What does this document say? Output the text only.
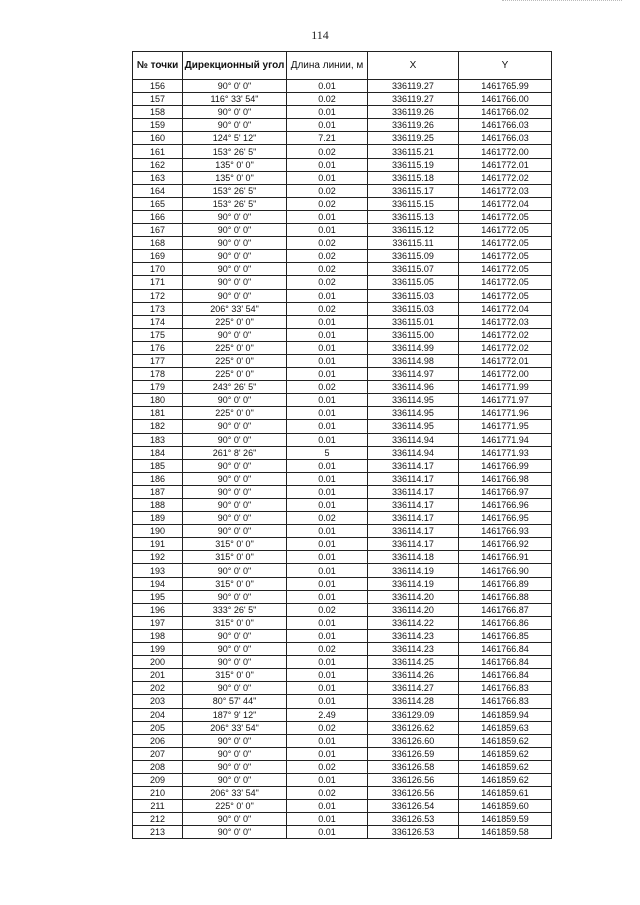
114
№ точки	Дирекционный угол	Длина линии, м	X	Y
156	90° 0' 0"	0.01	336119.27	1461765.99
157	116° 33' 54"	0.02	336119.27	1461766.00
158	90° 0' 0"	0.01	336119.26	1461766.02
159	90° 0' 0"	0.01	336119.26	1461766.03
160	124° 5' 12"	7.21	336119.25	1461766.03
161	153° 26' 5"	0.02	336115.21	1461772.00
162	135° 0' 0"	0.01	336115.19	1461772.01
163	135° 0' 0"	0.01	336115.18	1461772.02
164	153° 26' 5"	0.02	336115.17	1461772.03
165	153° 26' 5"	0.02	336115.15	1461772.04
166	90° 0' 0"	0.01	336115.13	1461772.05
167	90° 0' 0"	0.01	336115.12	1461772.05
168	90° 0' 0"	0.02	336115.11	1461772.05
169	90° 0' 0"	0.02	336115.09	1461772.05
170	90° 0' 0"	0.02	336115.07	1461772.05
171	90° 0' 0"	0.02	336115.05	1461772.05
172	90° 0' 0"	0.01	336115.03	1461772.05
173	206° 33' 54"	0.02	336115.03	1461772.04
174	225° 0' 0"	0.01	336115.01	1461772.03
175	90° 0' 0"	0.01	336115.00	1461772.02
176	225° 0' 0"	0.01	336114.99	1461772.02
177	225° 0' 0"	0.01	336114.98	1461772.01
178	225° 0' 0"	0.01	336114.97	1461772.00
179	243° 26' 5"	0.02	336114.96	1461771.99
180	90° 0' 0"	0.01	336114.95	1461771.97
181	225° 0' 0"	0.01	336114.95	1461771.96
182	90° 0' 0"	0.01	336114.95	1461771.95
183	90° 0' 0"	0.01	336114.94	1461771.94
184	261° 8' 26"	5	336114.94	1461771.93
185	90° 0' 0"	0.01	336114.17	1461766.99
186	90° 0' 0"	0.01	336114.17	1461766.98
187	90° 0' 0"	0.01	336114.17	1461766.97
188	90° 0' 0"	0.01	336114.17	1461766.96
189	90° 0' 0"	0.02	336114.17	1461766.95
190	90° 0' 0"	0.01	336114.17	1461766.93
191	315° 0' 0"	0.01	336114.17	1461766.92
192	315° 0' 0"	0.01	336114.18	1461766.91
193	90° 0' 0"	0.01	336114.19	1461766.90
194	315° 0' 0"	0.01	336114.19	1461766.89
195	90° 0' 0"	0.01	336114.20	1461766.88
196	333° 26' 5"	0.02	336114.20	1461766.87
197	315° 0' 0"	0.01	336114.22	1461766.86
198	90° 0' 0"	0.01	336114.23	1461766.85
199	90° 0' 0"	0.02	336114.23	1461766.84
200	90° 0' 0"	0.01	336114.25	1461766.84
201	315° 0' 0"	0.01	336114.26	1461766.84
202	90° 0' 0"	0.01	336114.27	1461766.83
203	80° 57' 44"	0.01	336114.28	1461766.83
204	187° 9' 12"	2.49	336129.09	1461859.94
205	206° 33' 54"	0.02	336126.62	1461859.63
206	90° 0' 0"	0.01	336126.60	1461859.62
207	90° 0' 0"	0.01	336126.59	1461859.62
208	90° 0' 0"	0.02	336126.58	1461859.62
209	90° 0' 0"	0.01	336126.56	1461859.62
210	206° 33' 54"	0.02	336126.56	1461859.61
211	225° 0' 0"	0.01	336126.54	1461859.60
212	90° 0' 0"	0.01	336126.53	1461859.59
213	90° 0' 0"	0.01	336126.53	1461859.58
